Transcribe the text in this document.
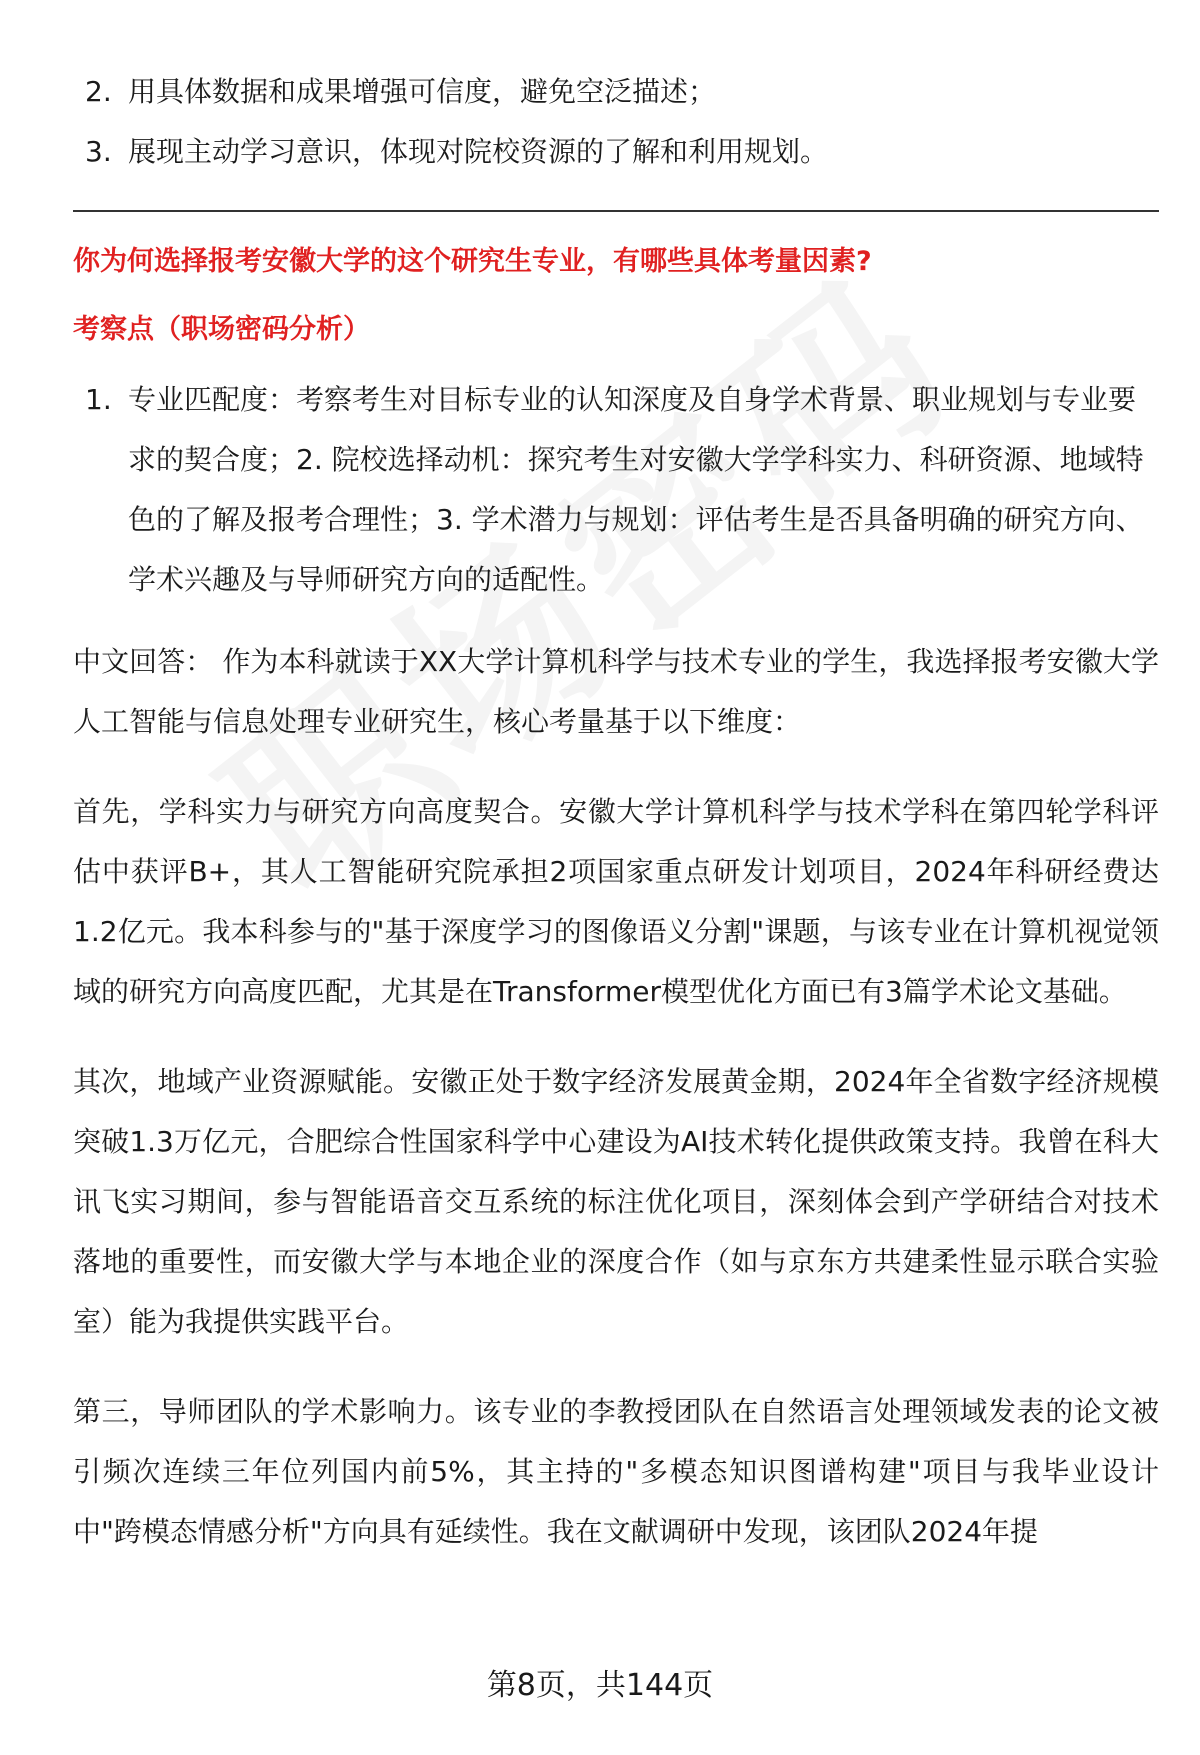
2. 用具体数据和成果增强可信度，避免空泛描述；
3. 展现主动学习意识，体现对院校资源的了解和利用规划。
你为何选择报考安徽大学的这个研究生专业，有哪些具体考量因素?
考察点（职场密码分析）
1. 专业匹配度：考察考生对目标专业的认知深度及自身学术背景、职业规划与专业要求的契合度；2. 院校选择动机：探究考生对安徽大学学科实力、科研资源、地域特色的了解及报考合理性；3. 学术潜力与规划：评估考生是否具备明确的研究方向、学术兴趣及与导师研究方向的适配性。

中文回答： 作为本科就读于XX大学计算机科学与技术专业的学生，我选择报考安徽大学人工智能与信息处理专业研究生，核心考量基于以下维度：

首先，学科实力与研究方向高度契合。安徽大学计算机科学与技术学科在第四轮学科评估中获评B+，其人工智能研究院承担2项国家重点研发计划项目，2024年科研经费达1.2亿元。我本科参与的"基于深度学习的图像语义分割"课题，与该专业在计算机视觉领域的研究方向高度匹配，尤其是在Transformer模型优化方面已有3篇学术论文基础。

其次，地域产业资源赋能。安徽正处于数字经济发展黄金期，2024年全省数字经济规模突破1.3万亿元，合肥综合性国家科学中心建设为AI技术转化提供政策支持。我曾在科大讯飞实习期间，参与智能语音交互系统的标注优化项目，深刻体会到产学研结合对技术落地的重要性，而安徽大学与本地企业的深度合作（如与京东方共建柔性显示联合实验室）能为我提供实践平台。

第三，导师团队的学术影响力。该专业的李教授团队在自然语言处理领域发表的论文被引频次连续三年位列国内前5%，其主持的"多模态知识图谱构建"项目与我毕业设计中"跨模态情感分析"方向具有延续性。我在文献调研中发现，该团队2024年提

第8页，共144页
